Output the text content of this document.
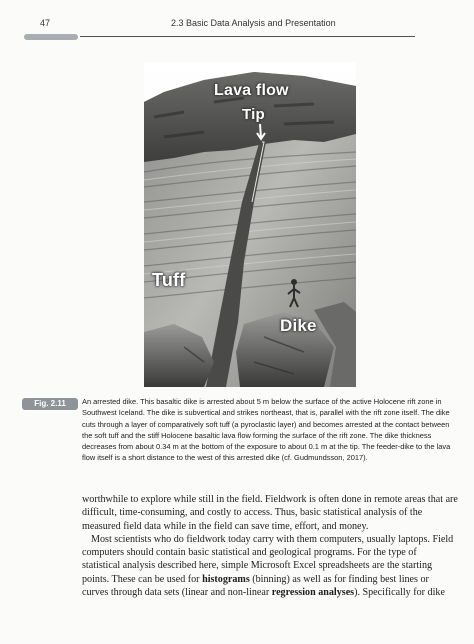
47	2.3 Basic Data Analysis and Presentation
Lava flow
Tip
Tuff
Dike
Fig. 2.11	An arrested dike. This basaltic dike is arrested about 5 m below the surface of the active Holocene rift zone in
Southwest Iceland. The dike is subvertical and strikes northeast, that is, parallel with the rift zone itself. The dike
cuts through a layer of comparatively soft tuff (a pyroclastic layer) and becomes arrested at the contact between
the soft tuff and the stiff Holocene basaltic lava flow forming the surface of the rift zone. The dike thickness
decreases from about 0.34 m at the bottom of the exposure to about 0.1 m at the tip. The feeder-dike to the lava
flow itself is a short distance to the west of this arrested dike (cf. Gudmundsson, 2017).
worthwhile to explore while still in the field. Fieldwork is often done in remote areas that are
difficult, time-consuming, and costly to access. Thus, basic statistical analysis of the
measured field data while in the field can save time, effort, and money.
Most scientists who do fieldwork today carry with them computers, usually laptops. Field
computers should contain basic statistical and geological programs. For the type of
statistical analysis described here, simple Microsoft Excel spreadsheets are the starting
points. These can be used for histograms (binning) as well as for finding best lines or
curves through data sets (linear and non-linear regression analyses). Specifically for dike
